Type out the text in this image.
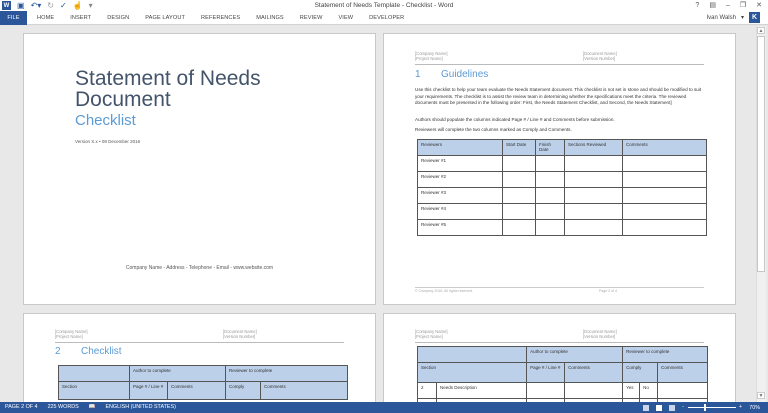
W ▣ ↶▾ ↻ ✓ ☝ ▾	Statement of Needs Template - Checklist - Word	? ▤ – ❐ ✕
FILE	HOME	INSERT	DESIGN	PAGE LAYOUT	REFERENCES	MAILINGS	REVIEW	VIEW	DEVELOPER	Ivan Walsh ▾	K
Statement of Needs
Document
Checklist
Version X.x • 08 December 2016
Company Name - Address - Telephone - Email - www.website.com
[Company Name]
[Project Name]
[Document Name]
[Version Number]
1 Guidelines
Use this checklist to help your team evaluate the Needs Statement document. This checklist is not set in stone and should be modified to suit your requirements. The checklist is to assist the review team in determining whether the specifications meet the criteria. The reviewed documents must be presented in the following order: First, the Needs Statement Checklist, and Second, the Needs Statement]
Authors should populate the columns indicated Page # / Line # and Comments before submission.
Reviewers will complete the two columns marked as Comply and Comments.
Reviewers	Start Date	Finish Date	Sections Reviewed	Comments
Reviewer #1				
Reviewer #2				
Reviewer #3				
Reviewer #4				
Reviewer #5				
© Company 2016. All rights reserved.	Page 2 of 4
[Company Name]
[Project Name]
[Document Name]
[Version Number]
2 Checklist
	Author to complete		Reviewer to complete	
Section	Page # / Line #	Comments	Comply	Comments
[Company Name]
[Project Name]
[Document Name]
[Version Number]
		Author to complete		Reviewer to complete		
Section		Page # / Line #	Comments	Comply		Comments
2	Needs Description			Yes	No	

▲
▼
PAGE 2 OF 4	225 WORDS	📖	ENGLISH (UNITED STATES)	-	+ 70%
